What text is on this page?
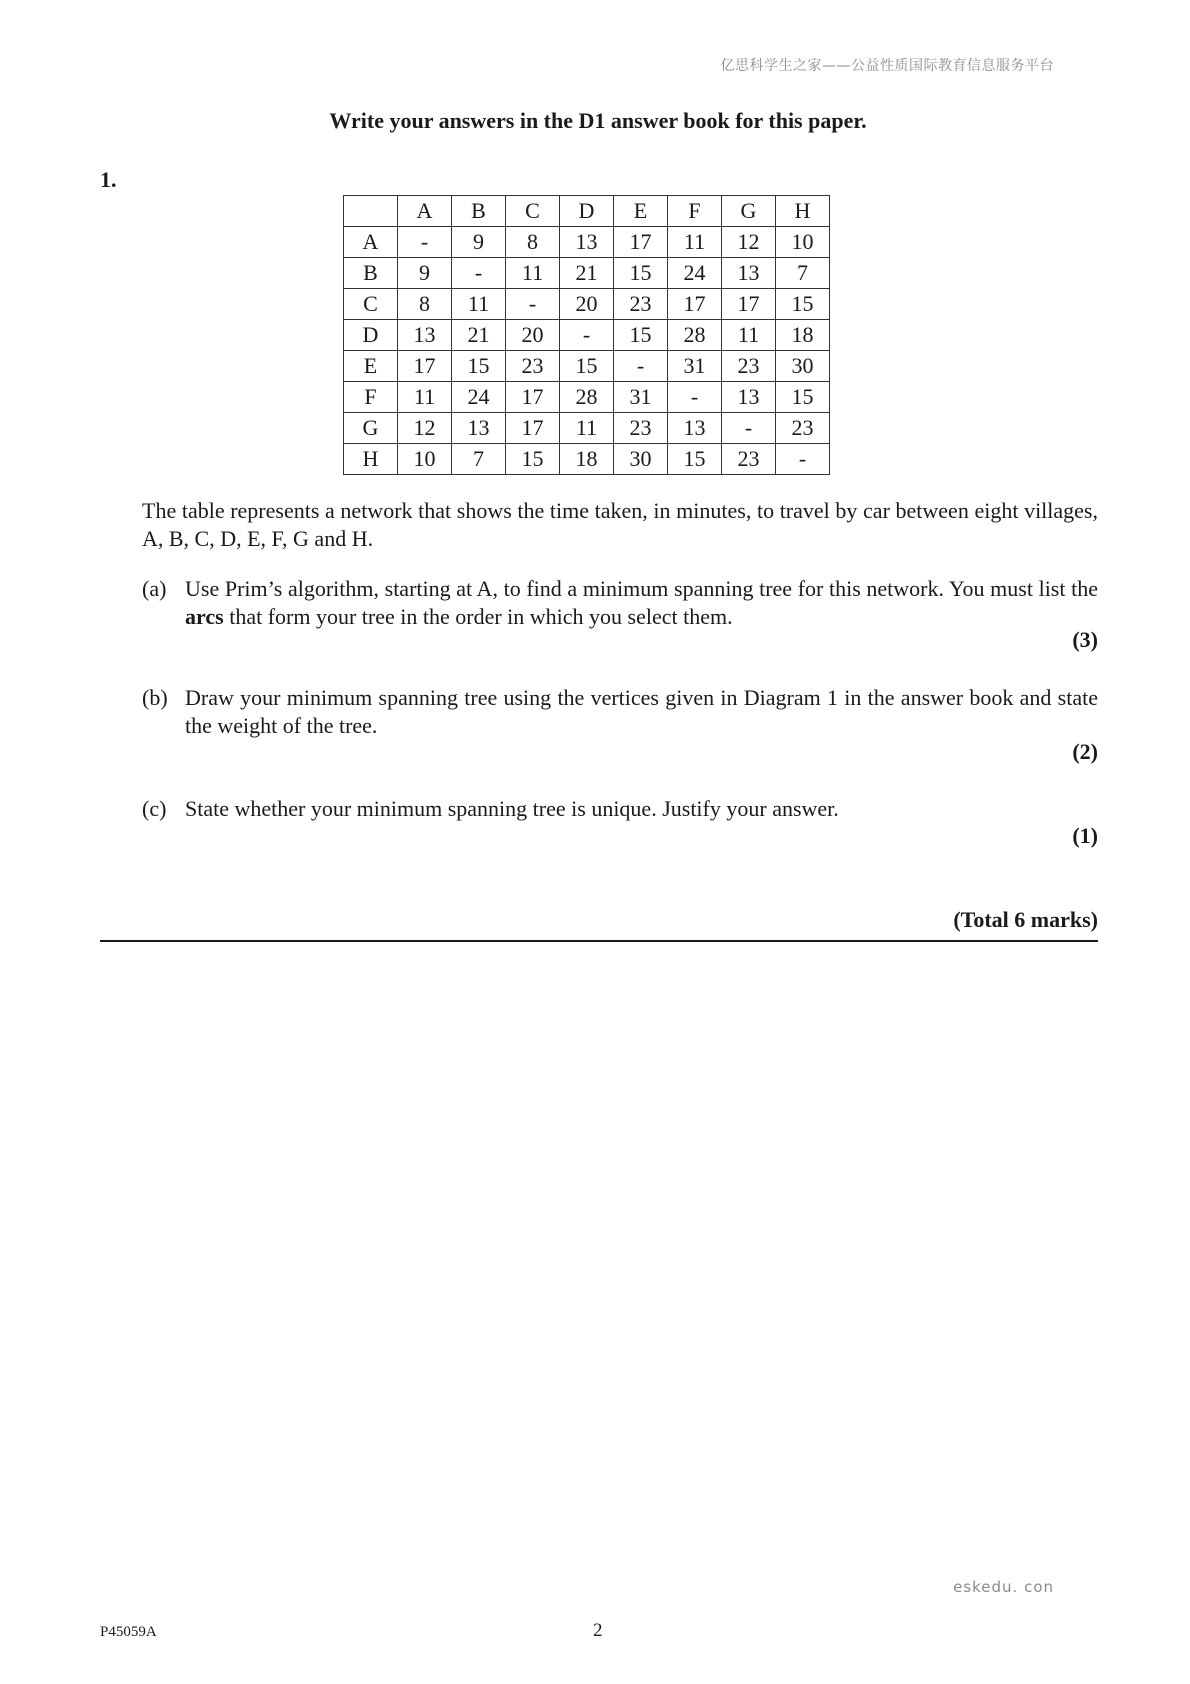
亿思科学生之家——公益性质国际教育信息服务平台
Write your answers in the D1 answer book for this paper.
1.
	A	B	C	D	E	F	G	H
A	-	9	8	13	17	11	12	10
B	9	-	11	21	15	24	13	7
C	8	11	-	20	23	17	17	15
D	13	21	20	-	15	28	11	18
E	17	15	23	15	-	31	23	30
F	11	24	17	28	31	-	13	15
G	12	13	17	11	23	13	-	23
H	10	7	15	18	30	15	23	-
The table represents a network that shows the time taken, in minutes, to travel by car between eight villages, A, B, C, D, E, F, G and H.
(a) Use Prim’s algorithm, starting at A, to find a minimum spanning tree for this network. You must list the arcs that form your tree in the order in which you select them.
(3)
(b) Draw your minimum spanning tree using the vertices given in Diagram 1 in the answer book and state the weight of the tree.
(2)
(c) State whether your minimum spanning tree is unique. Justify your answer.
(1)
(Total 6 marks)
eskedu. con
P45059A	2
